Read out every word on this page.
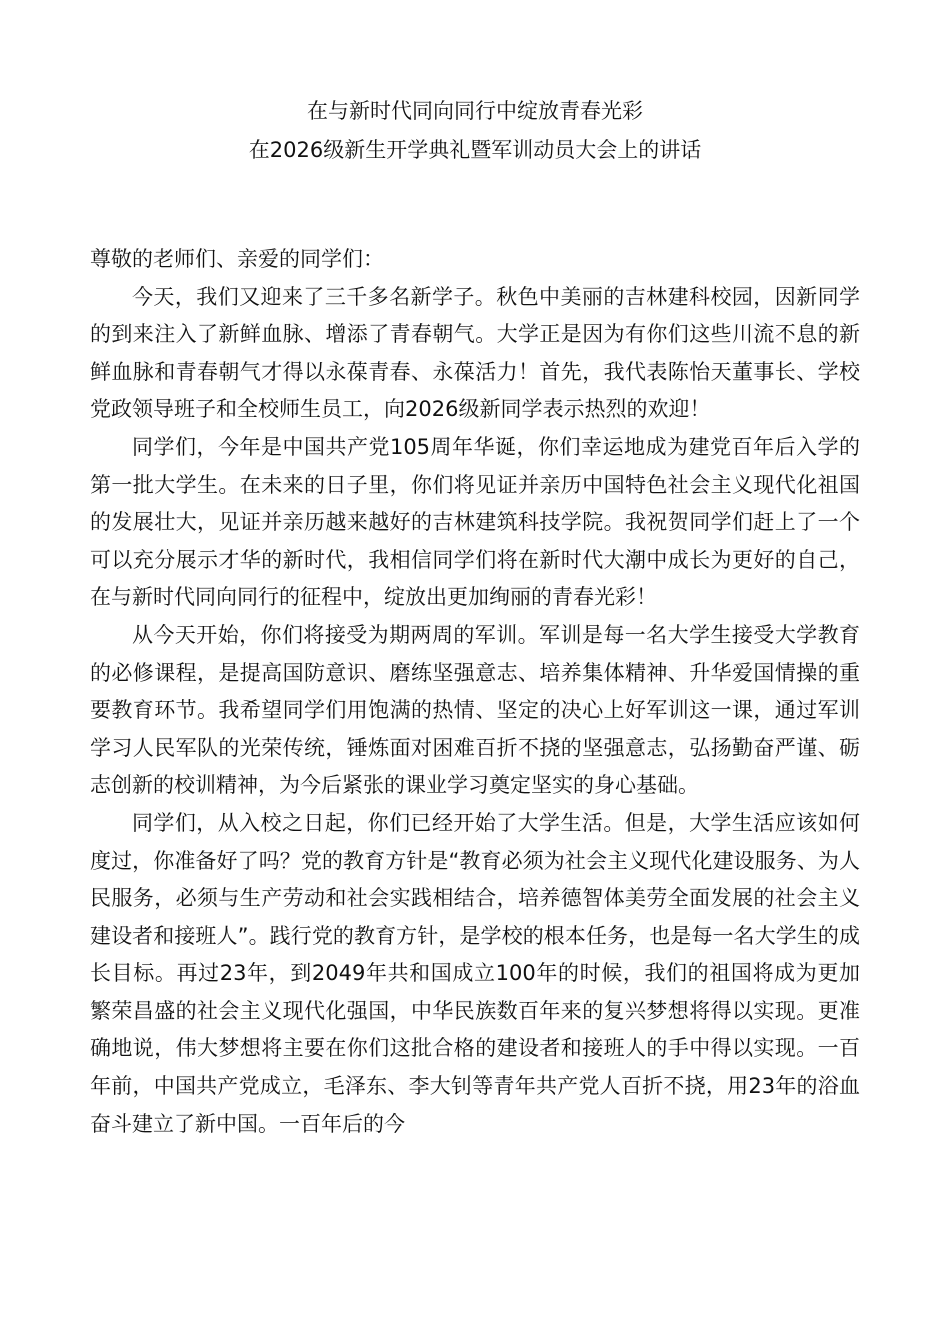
在与新时代同向同行中绽放青春光彩
在2026级新生开学典礼暨军训动员大会上的讲话

尊敬的老师们、亲爱的同学们：

今天，我们又迎来了三千多名新学子。秋色中美丽的吉林建科校园，因新同学的到来注入了新鲜血脉、增添了青春朝气。大学正是因为有你们这些川流不息的新鲜血脉和青春朝气才得以永葆青春、永葆活力！首先，我代表陈怡天董事长、学校党政领导班子和全校师生员工，向2026级新同学表示热烈的欢迎！

同学们，今年是中国共产党105周年华诞，你们幸运地成为建党百年后入学的第一批大学生。在未来的日子里，你们将见证并亲历中国特色社会主义现代化祖国的发展壮大，见证并亲历越来越好的吉林建筑科技学院。我祝贺同学们赶上了一个可以充分展示才华的新时代，我相信同学们将在新时代大潮中成长为更好的自己，在与新时代同向同行的征程中，绽放出更加绚丽的青春光彩！

从今天开始，你们将接受为期两周的军训。军训是每一名大学生接受大学教育的必修课程，是提高国防意识、磨练坚强意志、培养集体精神、升华爱国情操的重要教育环节。我希望同学们用饱满的热情、坚定的决心上好军训这一课，通过军训学习人民军队的光荣传统，锤炼面对困难百折不挠的坚强意志，弘扬勤奋严谨、砺志创新的校训精神，为今后紧张的课业学习奠定坚实的身心基础。

同学们，从入校之日起，你们已经开始了大学生活。但是，大学生活应该如何度过，你准备好了吗？党的教育方针是“教育必须为社会主义现代化建设服务、为人民服务，必须与生产劳动和社会实践相结合，培养德智体美劳全面发展的社会主义建设者和接班人”。践行党的教育方针，是学校的根本任务，也是每一名大学生的成长目标。再过23年，到2049年共和国成立100年的时候，我们的祖国将成为更加繁荣昌盛的社会主义现代化强国，中华民族数百年来的复兴梦想将得以实现。更准确地说，伟大梦想将主要在你们这批合格的建设者和接班人的手中得以实现。一百年前，中国共产党成立，毛泽东、李大钊等青年共产党人百折不挠，用23年的浴血奋斗建立了新中国。一百年后的今
